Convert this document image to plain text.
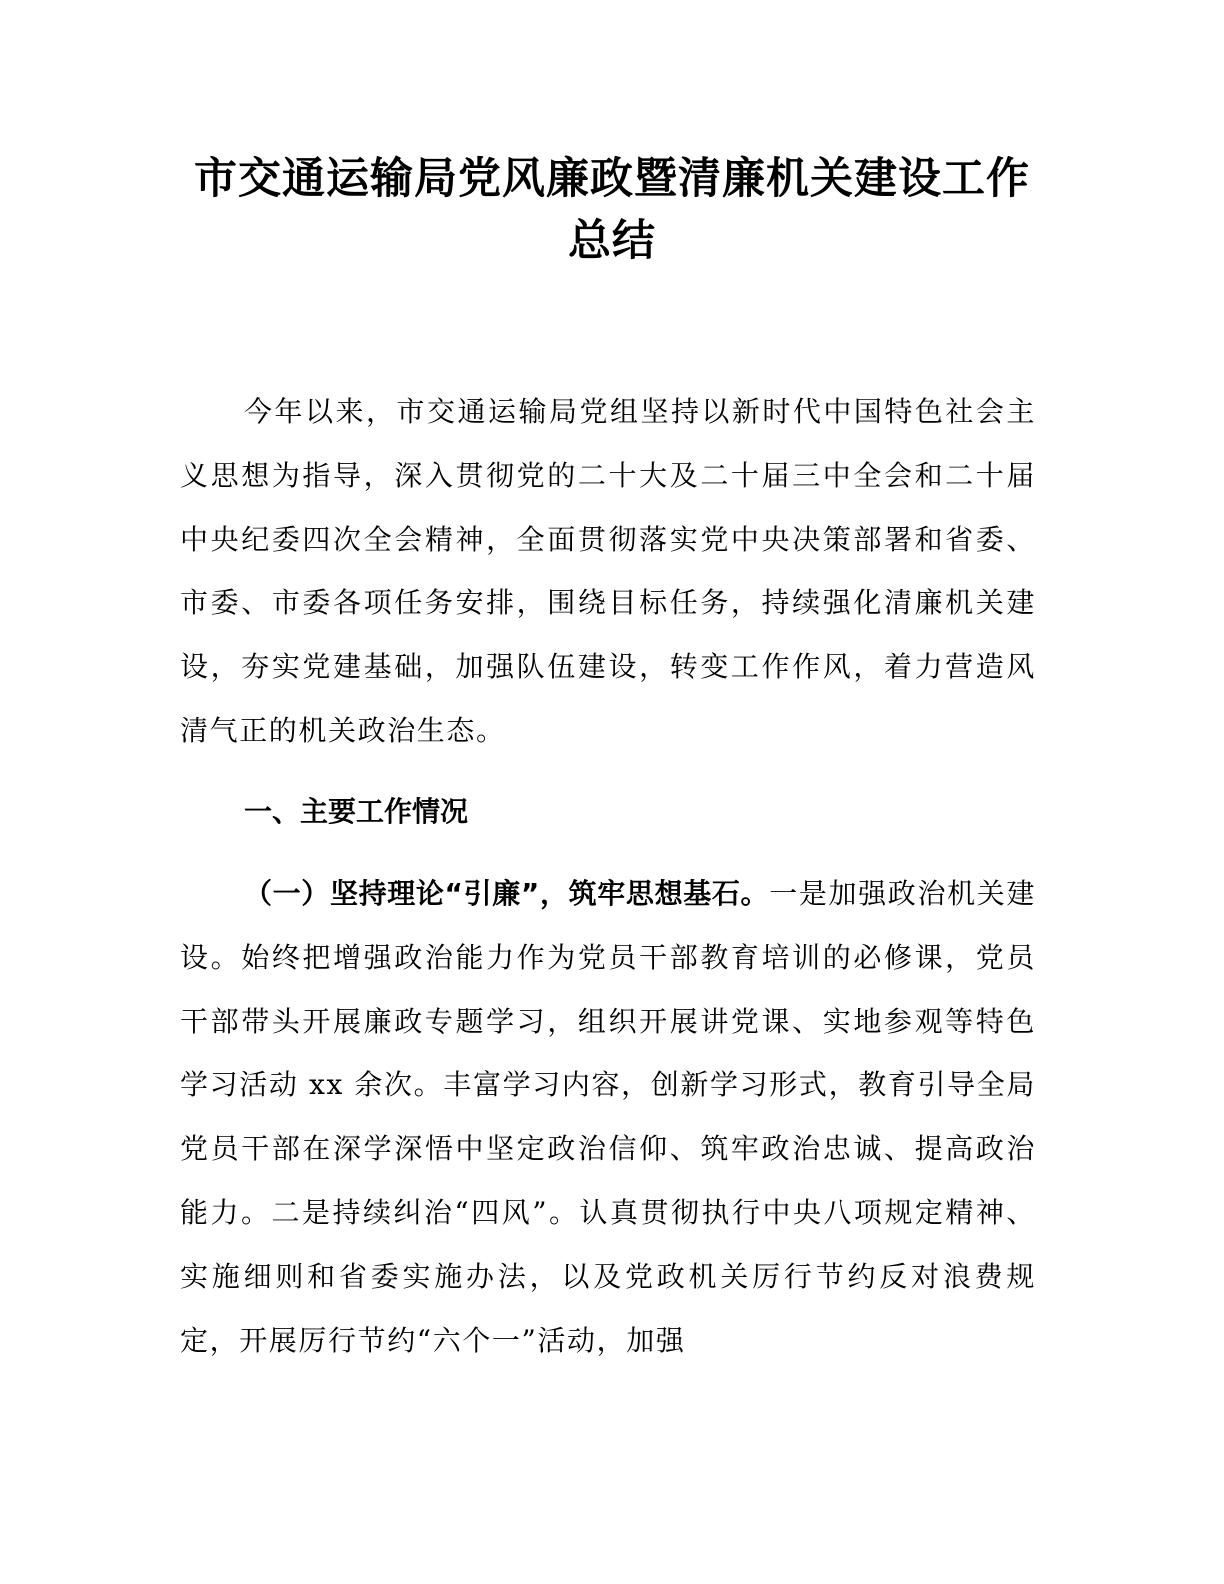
市交通运输局党风廉政暨清廉机关建设工作
总结

今年以来，市交通运输局党组坚持以新时代中国特色社会主义思想为指导，深入贯彻党的二十大及二十届三中全会和二十届中央纪委四次全会精神，全面贯彻落实党中央决策部署和省委、市委、市委各项任务安排，围绕目标任务，持续强化清廉机关建设，夯实党建基础，加强队伍建设，转变工作作风，着力营造风清气正的机关政治生态。

一、主要工作情况

（一）坚持理论“引廉”，筑牢思想基石。一是加强政治机关建设。始终把增强政治能力作为党员干部教育培训的必修课，党员干部带头开展廉政专题学习，组织开展讲党课、实地参观等特色学习活动 xx 余次。丰富学习内容，创新学习形式，教育引导全局党员干部在深学深悟中坚定政治信仰、筑牢政治忠诚、提高政治能力。二是持续纠治“四风”。认真贯彻执行中央八项规定精神、实施细则和省委实施办法，以及党政机关厉行节约反对浪费规定，开展厉行节约“六个一”活动，加强
